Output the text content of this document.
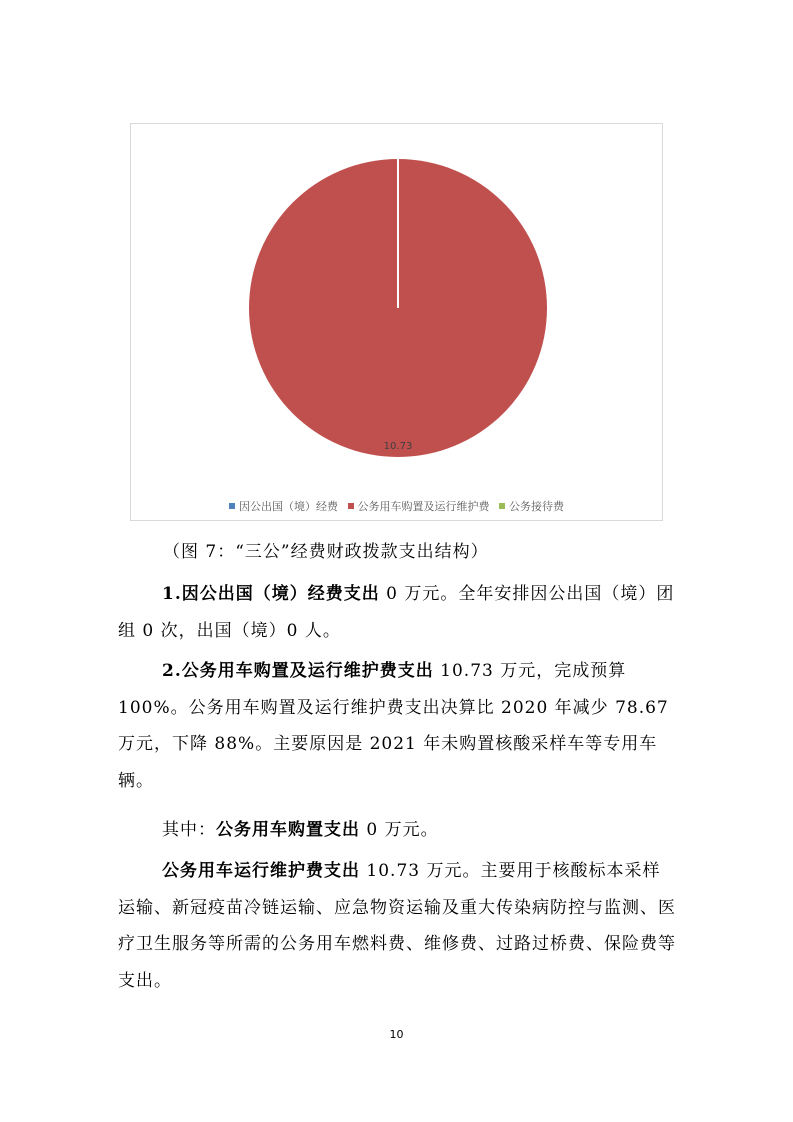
10.73
因公出国（境）经费 公务用车购置及运行维护费 公务接待费
（图 7：“三公”经费财政拨款支出结构）

1.因公出国（境）经费支出 0 万元。全年安排因公出国（境）团组 0 次，出国（境）0 人。

2.公务用车购置及运行维护费支出 10.73 万元，完成预算 100%。公务用车购置及运行维护费支出决算比 2020 年减少 78.67 万元，下降 88%。主要原因是 2021 年未购置核酸采样车等专用车辆。

其中：公务用车购置支出 0 万元。

公务用车运行维护费支出 10.73 万元。主要用于核酸标本采样运输、新冠疫苗冷链运输、应急物资运输及重大传染病防控与监测、医疗卫生服务等所需的公务用车燃料费、维修费、过路过桥费、保险费等支出。

10
